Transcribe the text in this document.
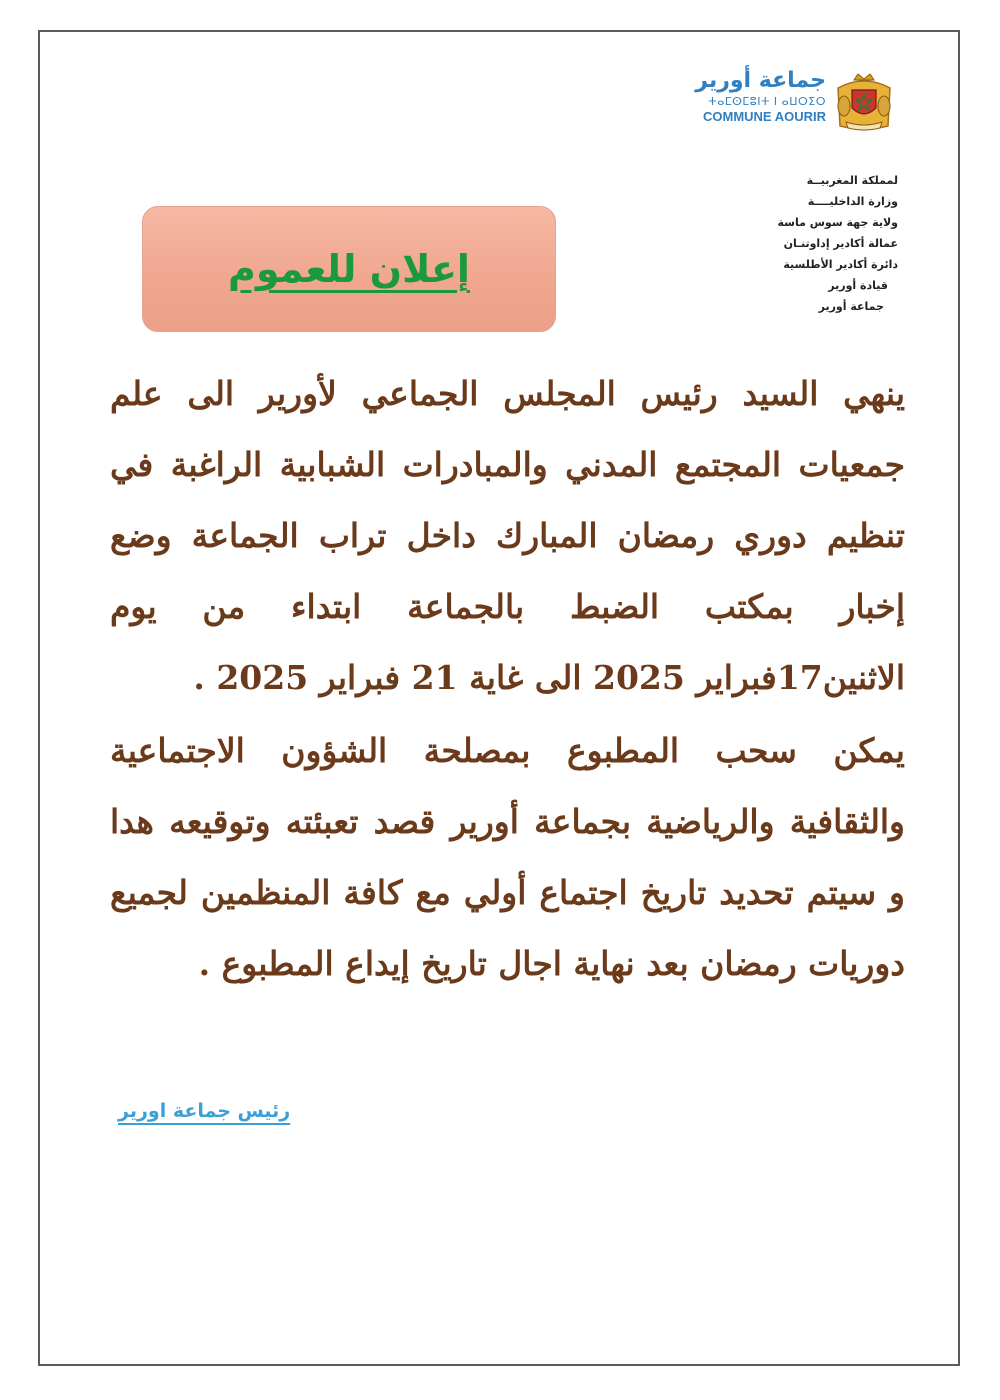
جماعة أورير
ⵜⴰⵎⵙⵎⵓⵏⵜ ⵏ ⴰⵡⵔⵉⵔ
COMMUNE AOURIR
لمملكة المغربيــة
وزارة الداخليــــة
ولاية جهة سوس ماسة
عمالة أكادير إداوتنـان
دائرة أكادير الأطلسية
قيادة أورير
جماعة أورير
إعلان للعموم
ينهي السيد رئيس المجلس الجماعي لأورير الى علم جمعيات المجتمع المدني والمبادرات الشبابية الراغبة في تنظيم دوري رمضان المبارك داخل تراب الجماعة وضع إخبار بمكتب الضبط بالجماعة ابتداء من يوم الاثنين17فبراير 2025 الى غاية 21 فبراير 2025 .
يمكن سحب المطبوع بمصلحة الشؤون الاجتماعية والثقافية والرياضية بجماعة أورير قصد تعبئته وتوقيعه هدا و سيتم تحديد تاريخ اجتماع أولي مع كافة المنظمين لجميع دوريات رمضان بعد نهاية اجال تاريخ إيداع المطبوع .
رئيس جماعة اورير
